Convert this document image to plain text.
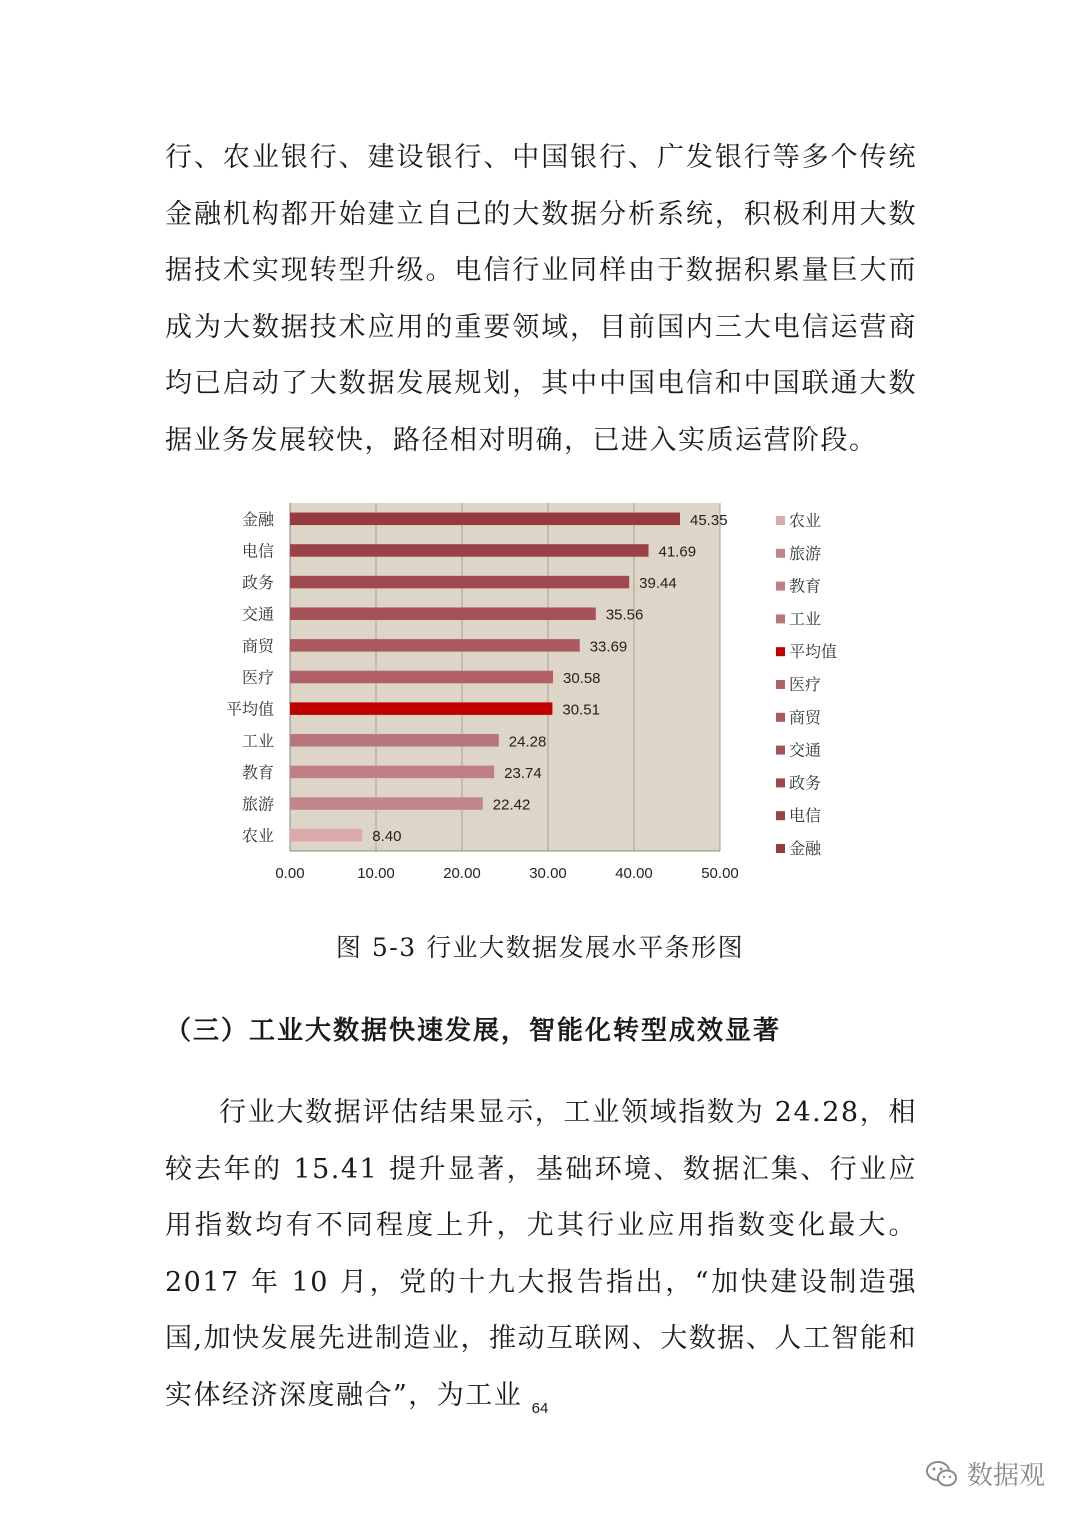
行、农业银行、建设银行、中国银行、广发银行等多个传统金融机构都开始建立自己的大数据分析系统，积极利用大数据技术实现转型升级。电信行业同样由于数据积累量巨大而成为大数据技术应用的重要领域，目前国内三大电信运营商均已启动了大数据发展规划，其中中国电信和中国联通大数据业务发展较快，路径相对明确，已进入实质运营阶段。

0.00	10.00	20.00	30.00	40.00	50.00
金融	45.35
电信	41.69
政务	39.44
交通	35.56
商贸	33.69
医疗	30.58
平均值	30.51
工业	24.28
教育	23.74
旅游	22.42
农业	8.40
农业
旅游
教育
工业
平均值
医疗
商贸
交通
政务
电信
金融
图 5-3 行业大数据发展水平条形图
（三）工业大数据快速发展，智能化转型成效显著

行业大数据评估结果显示，工业领域指数为 24.28，相较去年的 15.41 提升显著，基础环境、数据汇集、行业应用指数均有不同程度上升，尤其行业应用指数变化最大。2017 年 10 月，党的十九大报告指出，“加快建设制造强国,加快发展先进制造业，推动互联网、大数据、人工智能和实体经济深度融合”，为工业 64
数据观
